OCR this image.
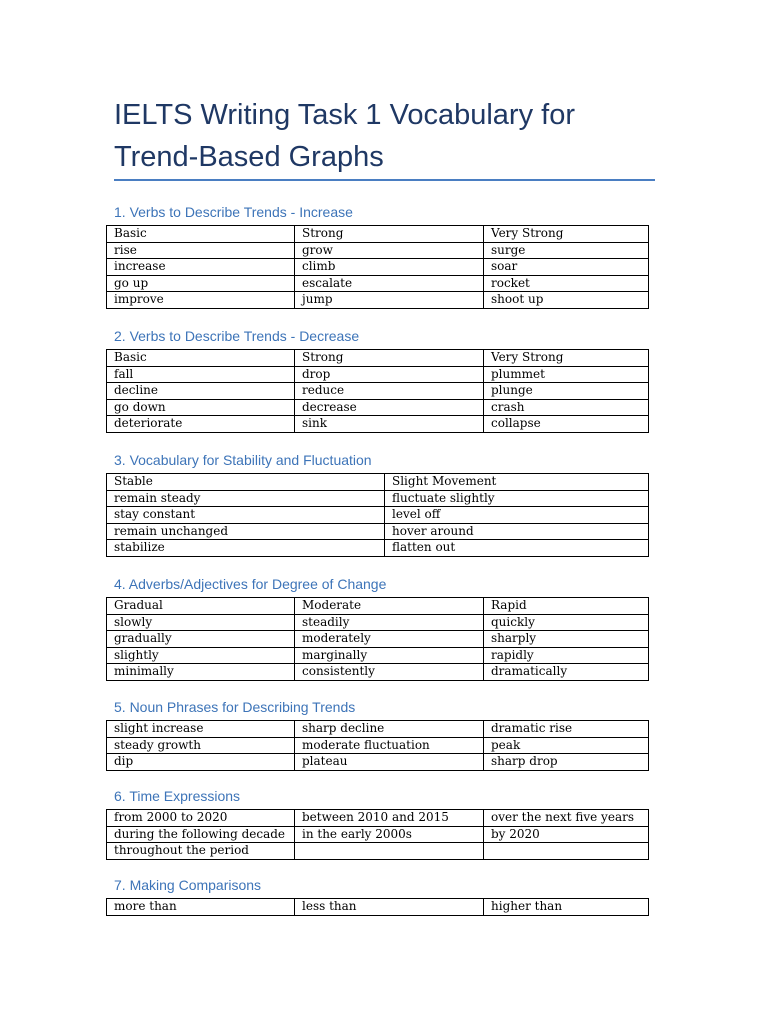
IELTS Writing Task 1 Vocabulary for Trend-Based Graphs
1. Verbs to Describe Trends - Increase
Basic	Strong	Very Strong
rise	grow	surge
increase	climb	soar
go up	escalate	rocket
improve	jump	shoot up
2. Verbs to Describe Trends - Decrease
Basic	Strong	Very Strong
fall	drop	plummet
decline	reduce	plunge
go down	decrease	crash
deteriorate	sink	collapse
3. Vocabulary for Stability and Fluctuation
Stable	Slight Movement
remain steady	fluctuate slightly
stay constant	level off
remain unchanged	hover around
stabilize	flatten out
4. Adverbs/Adjectives for Degree of Change
Gradual	Moderate	Rapid
slowly	steadily	quickly
gradually	moderately	sharply
slightly	marginally	rapidly
minimally	consistently	dramatically
5. Noun Phrases for Describing Trends
slight increase	sharp decline	dramatic rise
steady growth	moderate fluctuation	peak
dip	plateau	sharp drop
6. Time Expressions
from 2000 to 2020	between 2010 and 2015	over the next five years
during the following decade	in the early 2000s	by 2020
throughout the period		
7. Making Comparisons
more than	less than	higher than
